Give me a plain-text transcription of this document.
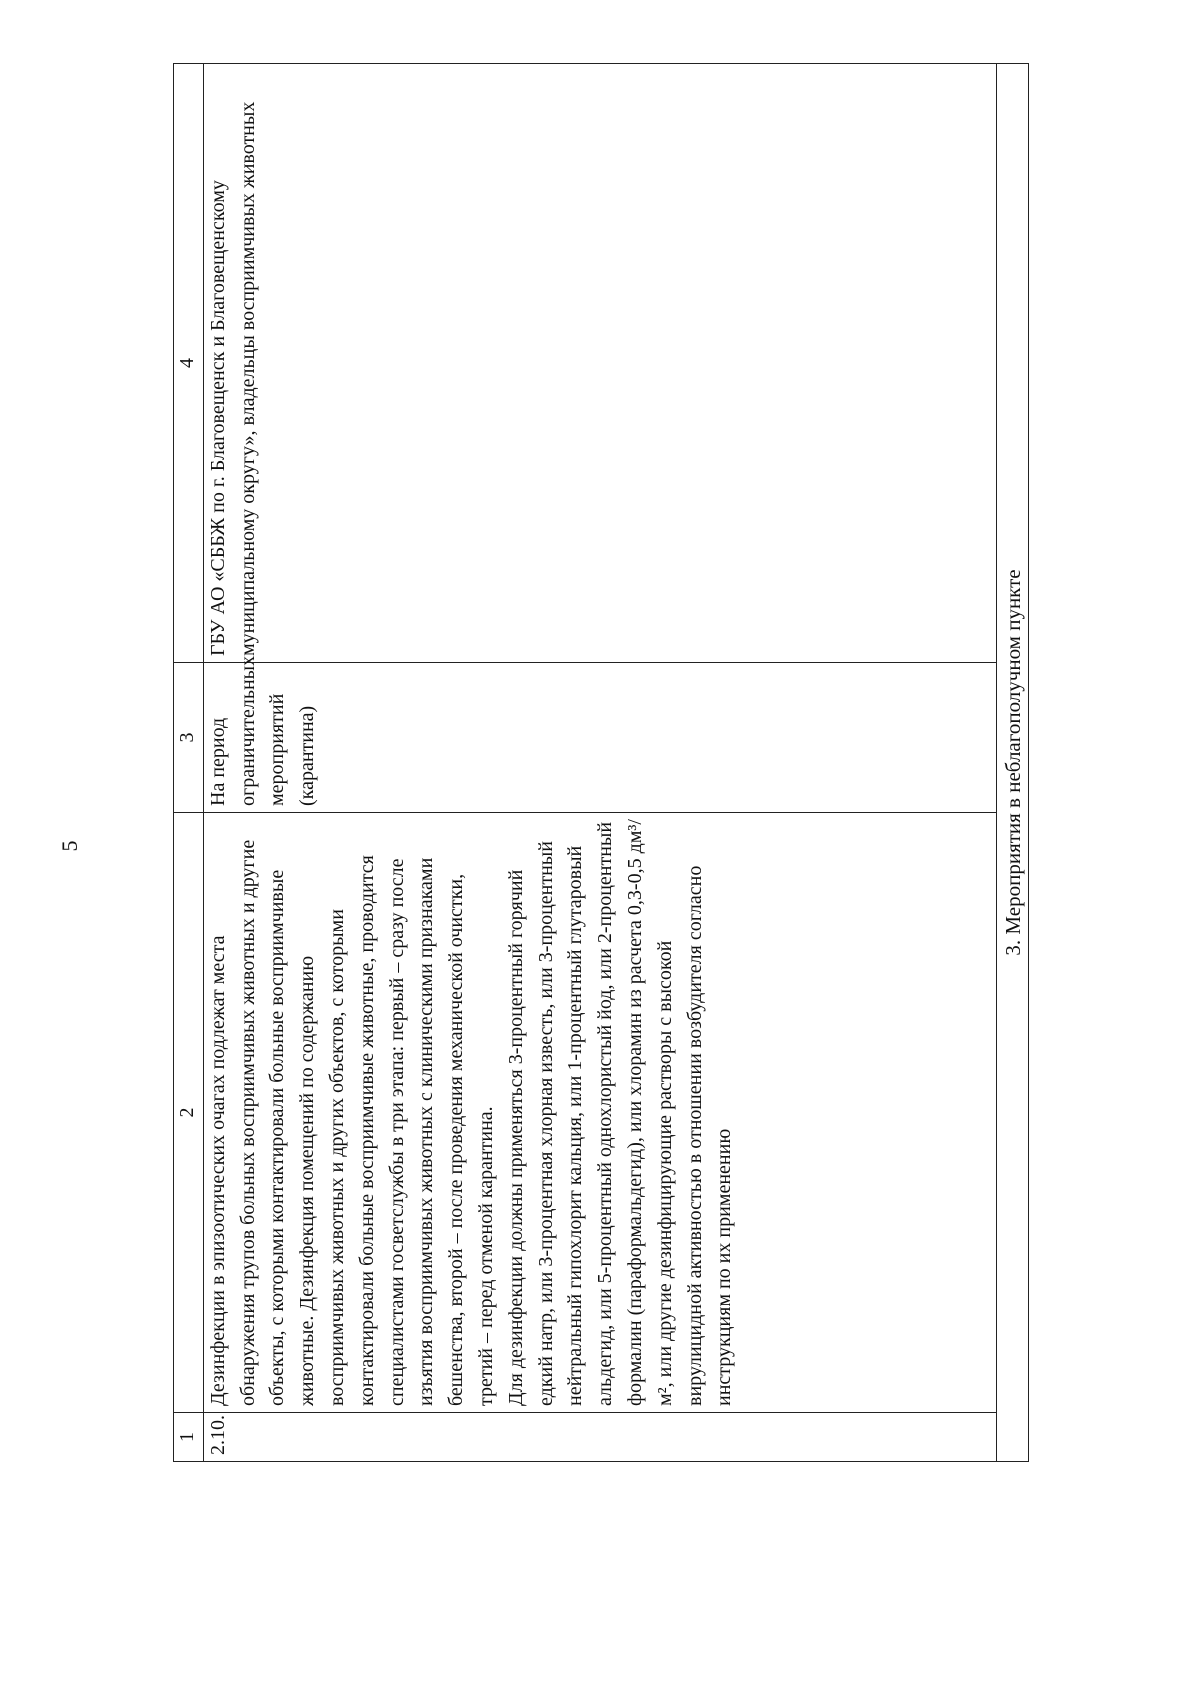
5
1	2	3	4
2.10.	Дезинфекции в эпизоотических очагах подлежат места обнаружения трупов больных восприимчивых животных и другие объекты, с которыми контактировали больные восприимчивые животные. Дезинфекция помещений по содержанию восприимчивых животных и других объектов, с которыми контактировали больные восприимчивые животные, проводится специалистами госветслужбы в три этапа: первый – сразу после изъятия восприимчивых животных с клиническими признаками бешенства, второй – после проведения механической очистки, третий – перед отменой карантина. Для дезинфекции должны применяться 3-процентный горячий едкий натр, или 3-процентная хлорная известь, или 3-процентный нейтральный гипохлорит кальция, или 1-процентный глутаровый альдегид, или 5-процентный однохлористый йод, или 2-процентный формалин (параформальдегид), или хлорамин из расчета 0,3-0,5 дм³/м², или другие дезинфицирующие растворы с высокой вирулицидной активностью в отношении возбудителя согласно инструкциям по их применению	На период ограничительных мероприятий (карантина)	ГБУ АО «СББЖ по г. Благовещенск и Благовещенскому муниципальному округу», владельцы восприимчивых животных
3. Мероприятия в неблагополучном пункте			
